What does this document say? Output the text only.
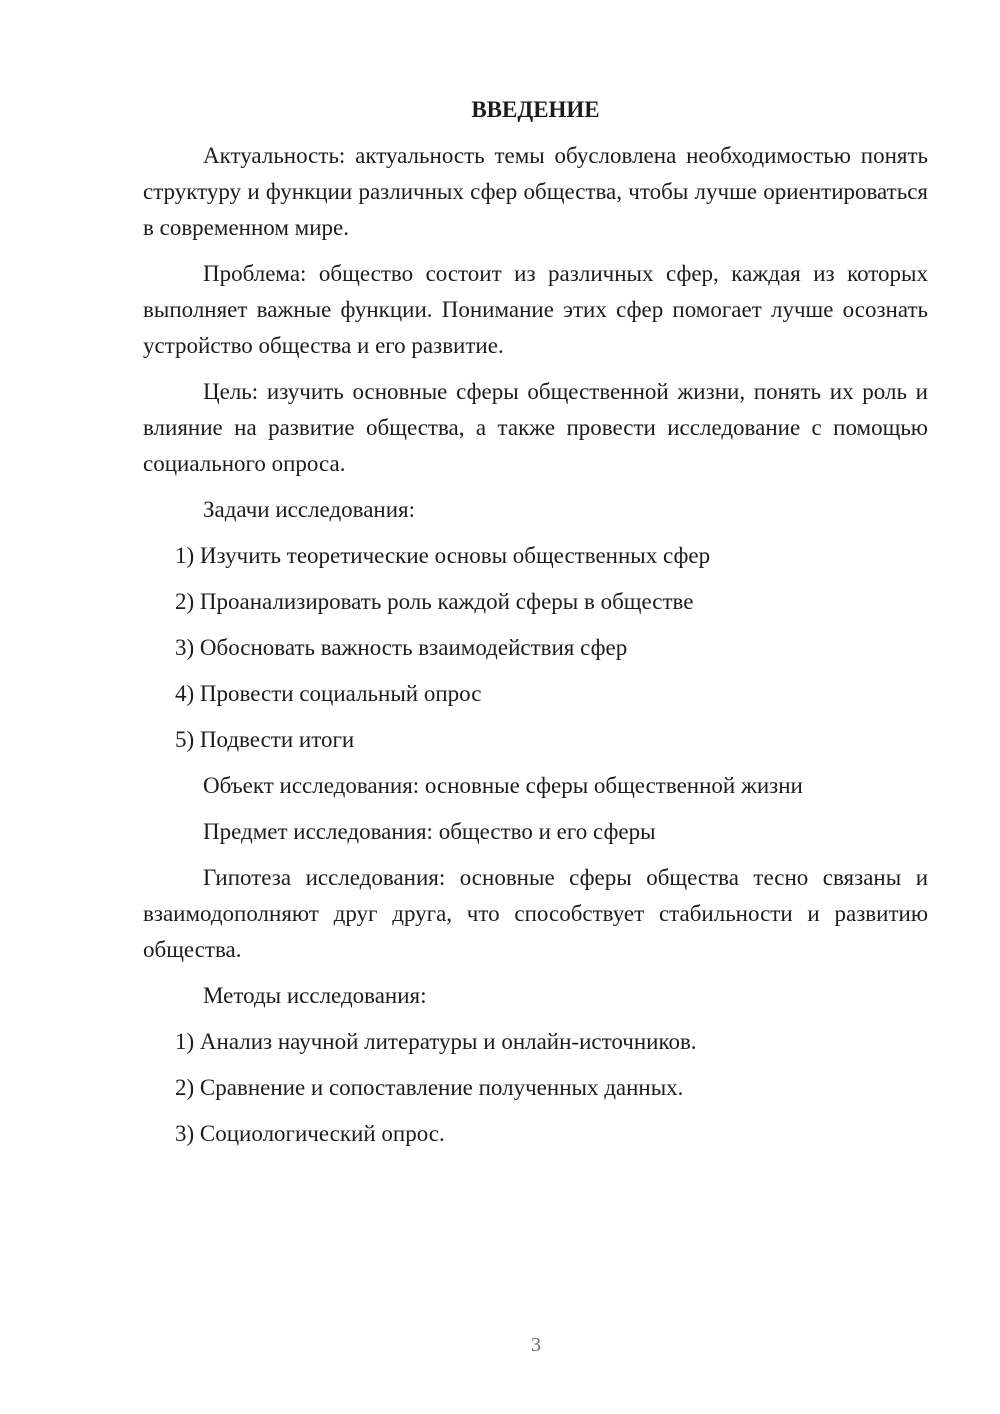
ВВЕДЕНИЕ

Актуальность: актуальность темы обусловлена необходимостью понять структуру и функции различных сфер общества, чтобы лучше ориентироваться в современном мире.

Проблема: общество состоит из различных сфер, каждая из которых выполняет важные функции. Понимание этих сфер помогает лучше осознать устройство общества и его развитие.

Цель: изучить основные сферы общественной жизни, понять их роль и влияние на развитие общества, а также провести исследование с помощью социального опроса.

Задачи исследования:
1) Изучить теоретические основы общественных сфер
2) Проанализировать роль каждой сферы в обществе
3) Обосновать важность взаимодействия сфер
4) Провести социальный опрос
5) Подвести итоги
Объект исследования: основные сферы общественной жизни
Предмет исследования: общество и его сферы

Гипотеза исследования: основные сферы общества тесно связаны и взаимодополняют друг друга, что способствует стабильности и развитию общества.

Методы исследования:
1) Анализ научной литературы и онлайн-источников.
2) Сравнение и сопоставление полученных данных.
3) Социологический опрос.
3
